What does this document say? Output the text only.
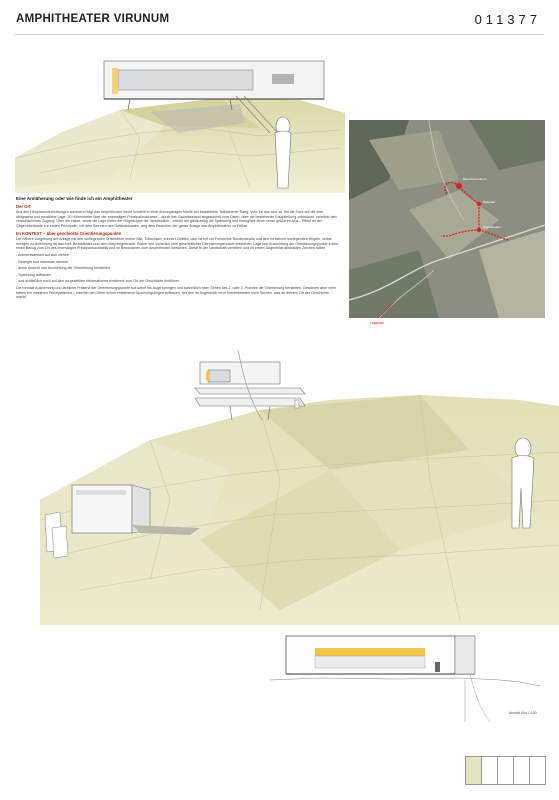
AMPHITHEATER VIRUNUM	011377
Eine Annäherung oder wie finde ich ein Amphitheater
Der Ort

Aus den Heuprammlerrichtungen kommend folgt das Amphitheater heute verstellt in einer Ahnungslagen Intelle am bewaldeten Talbächener Rang. Vom Tal aus sind zu Tiel die Sicht auf die eine obligosese und ernstliche Lage. 30 Höhenmeter über der ehemaligen Prinzipalinustrasse – durch den Baumbestand abgeschirmt vom Osten, über die bestehende Erschließung zubekannt, verstärkt den verwunschenen Zugang. Über die Halde, sowie die Lage hinter der Hügelkuppe die Verständlich – erhöht die gleichzeitig die Spannung und ermöglicht einen umso größeren Aha – Effekt an der Gegenüberkante zur ersten Prinzipalin, mit dem Betreten des Geländekantes, weg dem Besucher der ganze Anlage das Amphitheaters zu Füßen.

Im KONTEXT – über geschickte Orientierungspunkte

Die nähere Umgebung der Anlage mit den umliegenden Ortschaften meine Salt, Töltschach, erinnert Zollfeld, usw. ist mit zur Freiwohne Bundesstraße und den im kleinen umliegenden Hügeln, selbst rundgen zu Anlehnung an das Amt, Bezirkfeldes und dem Mag eingebracht. Bisher von sicherlich kein ganzheitlicher Orientierungsmuster entstehen. Lage und Ausrichtung der Orientierungspunkte sollen einen Bezug zum Ort des ehemaligen Prinzipalmaustablis und im Besonderen zum Amphitheater herstellen. Diese in der Landschaft verteilten und im ersten Augenblick abstrakten Zeichen sollen

- Aufmerksamkeit auf sich ziehen

- Bewegte und Interesse wecken

- durch Ansicht und Ausrichtung die Orientierung herstellen

- Spannung aufbauen

- und schließlich noch auf den vorgestellten Informationen einstimmt zum Ort der Geschichte hinführen

Die formale Ausformung und farbliche Präsenz der Orientierungspunkte soll sofort ins Auge springen und schließlich beim Sehen des 2. oder 3. Punktes die Orientierung herstellen. Gewinnen aber mehr haben ein massiven Prinzipalismus – nämlich den Ufern schon entstehend Spannungsbögen aufbauen, der den im Augenblick noch Verbleibenden noch Suchen, was an diesem Ort der Geschichte macht.

Besucherzentrum
Parkplatz
Amphitheater
Lageplan
Ansicht Süd 1:100
